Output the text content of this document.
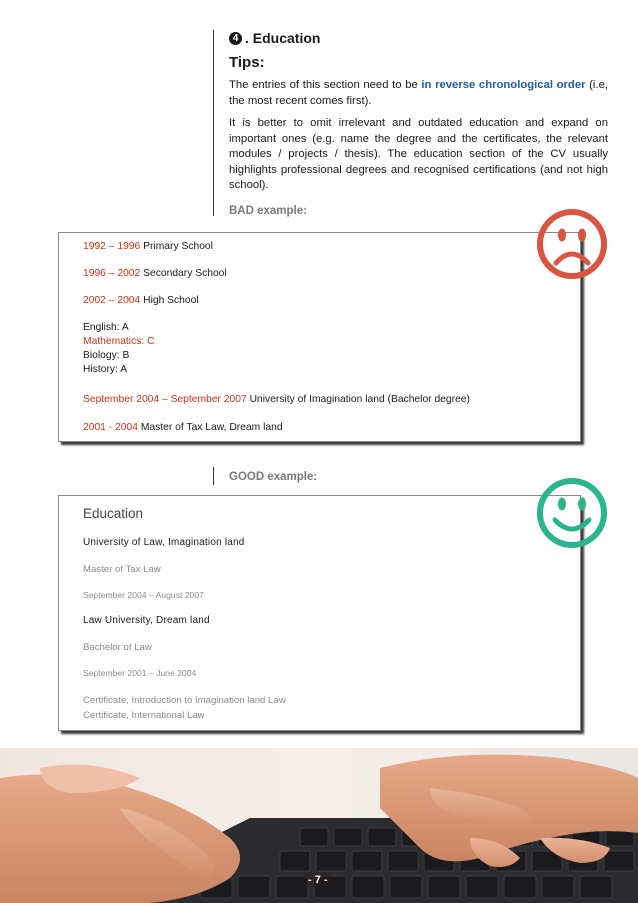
4 . Education
Tips:
The entries of this section need to be in reverse chronological order (i.e, the most recent comes first).
It is better to omit irrelevant and outdated education and expand on important ones (e.g. name the degree and the certificates, the relevant modules / projects / thesis). The education section of the CV usually highlights professional degrees and recognised certifications (and not high school).
BAD example:
1992 – 1996 Primary School
1996 – 2002 Secondary School
2002 – 2004 High School
English: A
Mathematics: C
Biology: B
History: A
September 2004 – September 2007 University of Imagination land (Bachelor degree)
2001 - 2004 Master of Tax Law, Dream land
GOOD example:
Education
University of Law, Imagination land
Master of Tax Law
September 2004 – August 2007
Law University, Dream land
Bachelor of Law
September 2001 – June 2004
Certificate, Introduction to Imagination land Law
Certificate, International Law
- 7 -
